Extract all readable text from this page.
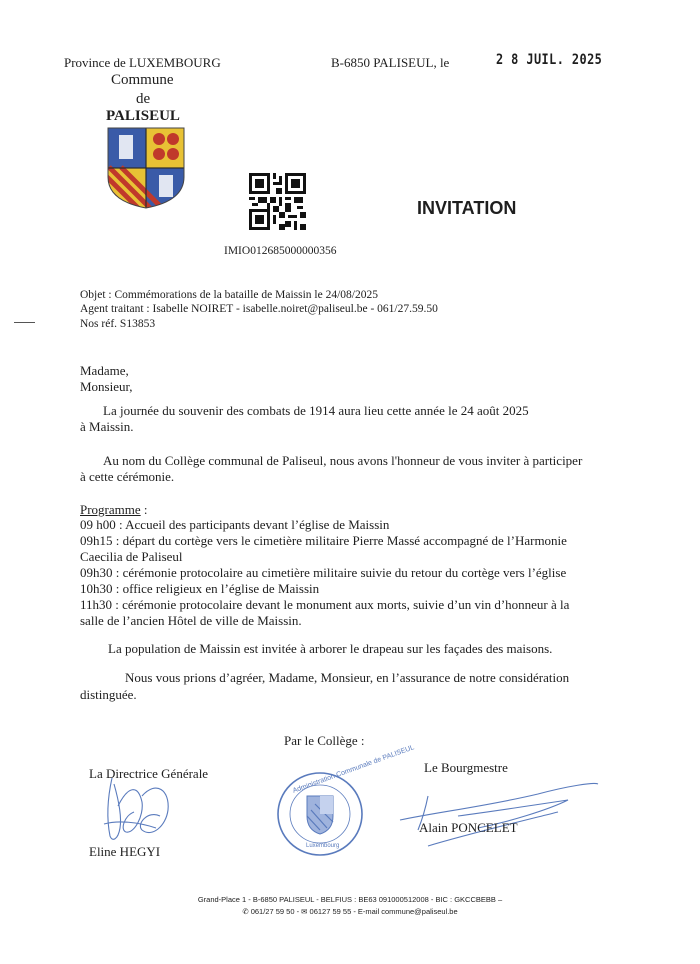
Province de LUXEMBOURG
Commune
de
PALISEUL
B-6850 PALISEUL, le	2 8 JUIL. 2025
INVITATION
IMIO012685000000356
Objet : Commémorations de la bataille de Maissin le 24/08/2025
Agent traitant : Isabelle NOIRET - isabelle.noiret@paliseul.be - 061/27.59.50
Nos réf. S13853
Madame,
Monsieur,
La journée du souvenir des combats de 1914 aura lieu cette année le 24 août 2025
à Maissin.
Au nom du Collège communal de Paliseul, nous avons l'honneur de vous inviter à participer
à cette cérémonie.
Programme :
09 h00 : Accueil des participants devant l’église de Maissin
09h15 : départ du cortège vers le cimetière militaire Pierre Massé accompagné de l’Harmonie
Caecilia de Paliseul
09h30 : cérémonie protocolaire au cimetière militaire suivie du retour du cortège vers l’église
10h30 : office religieux en l’église de Maissin
11h30 : cérémonie protocolaire devant le monument aux morts, suivie d’un vin d’honneur à la
salle de l’ancien Hôtel de ville de Maissin.
La population de Maissin est invitée à arborer le drapeau sur les façades des maisons.
Nous vous prions d’agréer, Madame, Monsieur, en l’assurance de notre considération
distinguée.
Par le Collège :
La Directrice Générale	Le Bourgmestre
Administration Communale de PALISEUL
Luxembourg
Alain PONCELET
Eline HEGYI
Grand-Place 1 - B-6850 PALISEUL - BELFIUS : BE63 091000512008 - BIC : GKCCBEBB –
✆ 061/27 59 50 - ✉ 06127 59 55 - E-mail commune@paliseul.be
